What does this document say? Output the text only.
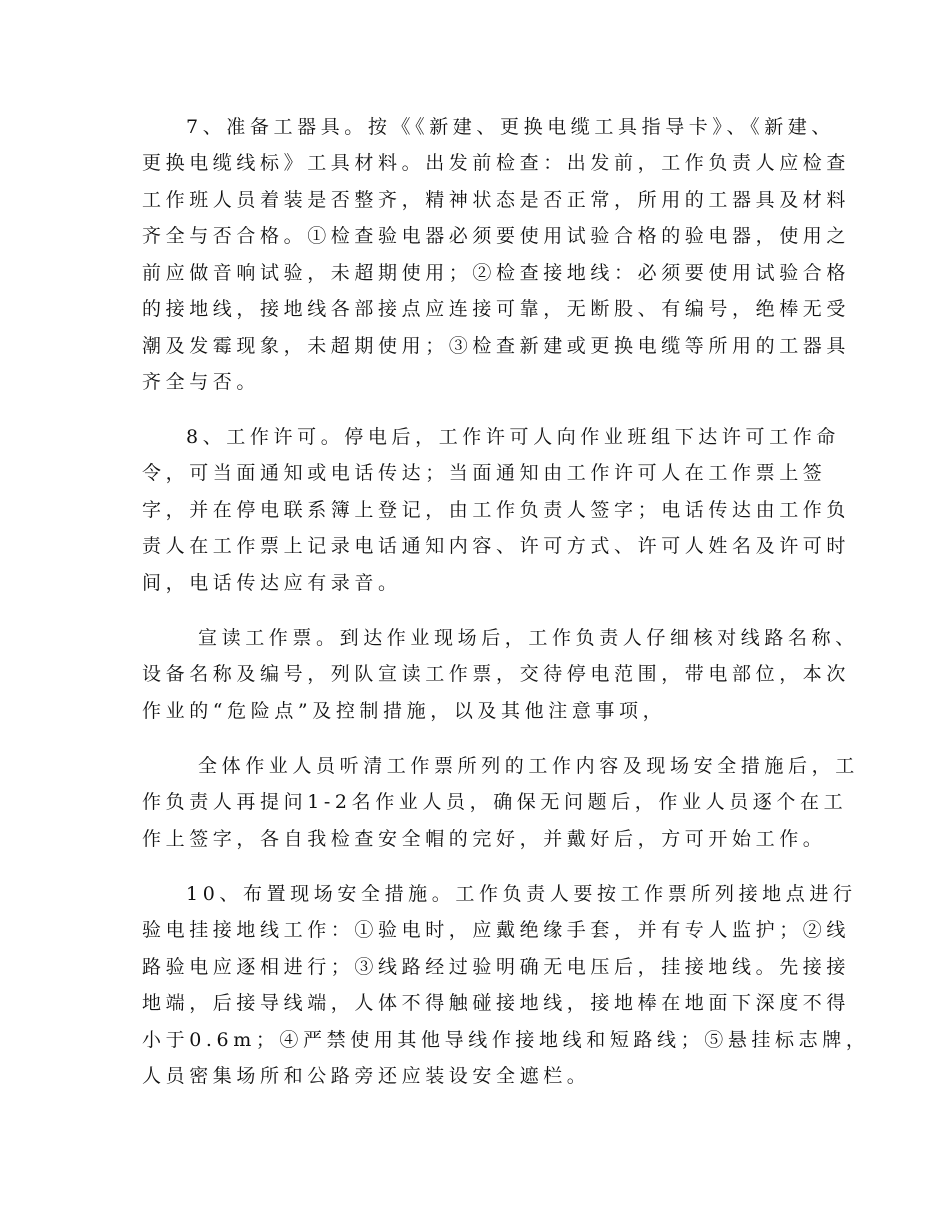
7、准备工器具。按《《新建、更换电缆工具指导卡》、《新建、

更换电缆线标》工具材料。出发前检查：出发前，工作负责人应检查

工作班人员着装是否整齐，精神状态是否正常，所用的工器具及材料

齐全与否合格。①检查验电器必须要使用试验合格的验电器，使用之

前应做音响试验，未超期使用；②检查接地线：必须要使用试验合格

的接地线，接地线各部接点应连接可靠，无断股、有编号，绝棒无受

潮及发霉现象，未超期使用；③检查新建或更换电缆等所用的工器具

齐全与否。

8、工作许可。停电后，工作许可人向作业班组下达许可工作命

令，可当面通知或电话传达；当面通知由工作许可人在工作票上签

字，并在停电联系簿上登记，由工作负责人签字；电话传达由工作负

责人在工作票上记录电话通知内容、许可方式、许可人姓名及许可时

间，电话传达应有录音。

宣读工作票。到达作业现场后，工作负责人仔细核对线路名称、

设备名称及编号，列队宣读工作票，交待停电范围，带电部位，本次

作业的“危险点”及控制措施，以及其他注意事项，

全体作业人员听清工作票所列的工作内容及现场安全措施后，工

作负责人再提问1-2名作业人员，确保无问题后，作业人员逐个在工

作上签字，各自我检查安全帽的完好，并戴好后，方可开始工作。

10、布置现场安全措施。工作负责人要按工作票所列接地点进行

验电挂接地线工作：①验电时，应戴绝缘手套，并有专人监护；②线

路验电应逐相进行；③线路经过验明确无电压后，挂接地线。先接接

地端，后接导线端，人体不得触碰接地线，接地棒在地面下深度不得

小于0.6m；④严禁使用其他导线作接地线和短路线；⑤悬挂标志牌，

人员密集场所和公路旁还应装设安全遮栏。
